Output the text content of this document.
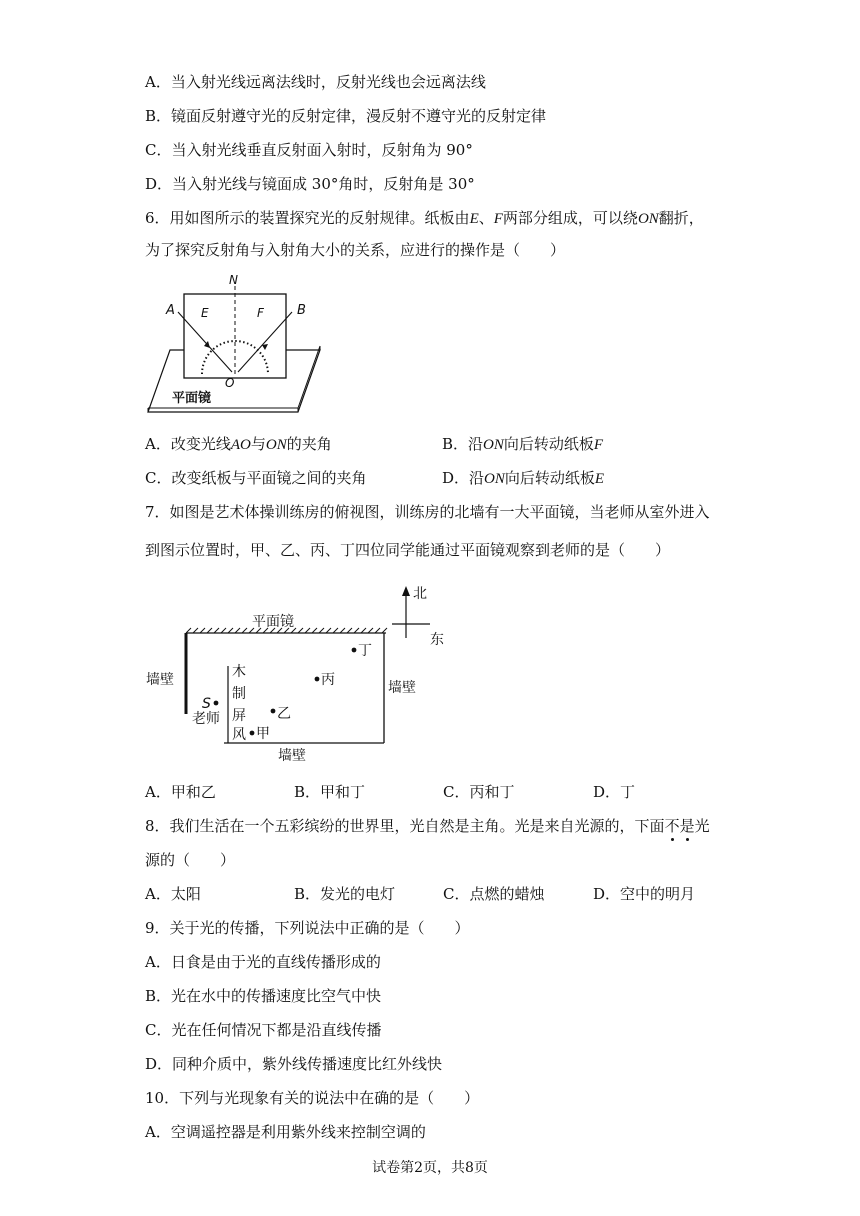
A．当入射光线远离法线时，反射光线也会远离法线
B．镜面反射遵守光的反射定律，漫反射不遵守光的反射定律
C．当入射光线垂直反射面入射时，反射角为 90°
D．当入射光线与镜面成 30°角时，反射角是 30°
6．用如图所示的装置探究光的反射规律。纸板由E、F两部分组成，可以绕ON翻折，
为了探究反射角与入射角大小的关系，应进行的操作是（　　）
N
A	B
E	F
O
平面镜
A．改变光线AO与ON的夹角	B．沿ON向后转动纸板F
C．改变纸板与平面镜之间的夹角	D．沿ON向后转动纸板E
7．如图是艺术体操训练房的俯视图，训练房的北墙有一大平面镜，当老师从室外进入
到图示位置时，甲、乙、丙、丁四位同学能通过平面镜观察到老师的是（　　）
北
东
平面镜
墙壁	墙壁
墙壁
木
制
屏
风
S
老师
甲
乙
丙
丁
A．甲和乙	B．甲和丁	C．丙和丁	D．丁
8．我们生活在一个五彩缤纷的世界里，光自然是主角。光是来自光源的，下面不是光
源的（　　）
A．太阳	B．发光的电灯	C．点燃的蜡烛	D．空中的明月
9．关于光的传播，下列说法中正确的是（　　）
A．日食是由于光的直线传播形成的
B．光在水中的传播速度比空气中快
C．光在任何情况下都是沿直线传播
D．同种介质中，紫外线传播速度比红外线快
10．下列与光现象有关的说法中在确的是（　　）
A．空调遥控器是利用紫外线来控制空调的
试卷第2页，共8页
